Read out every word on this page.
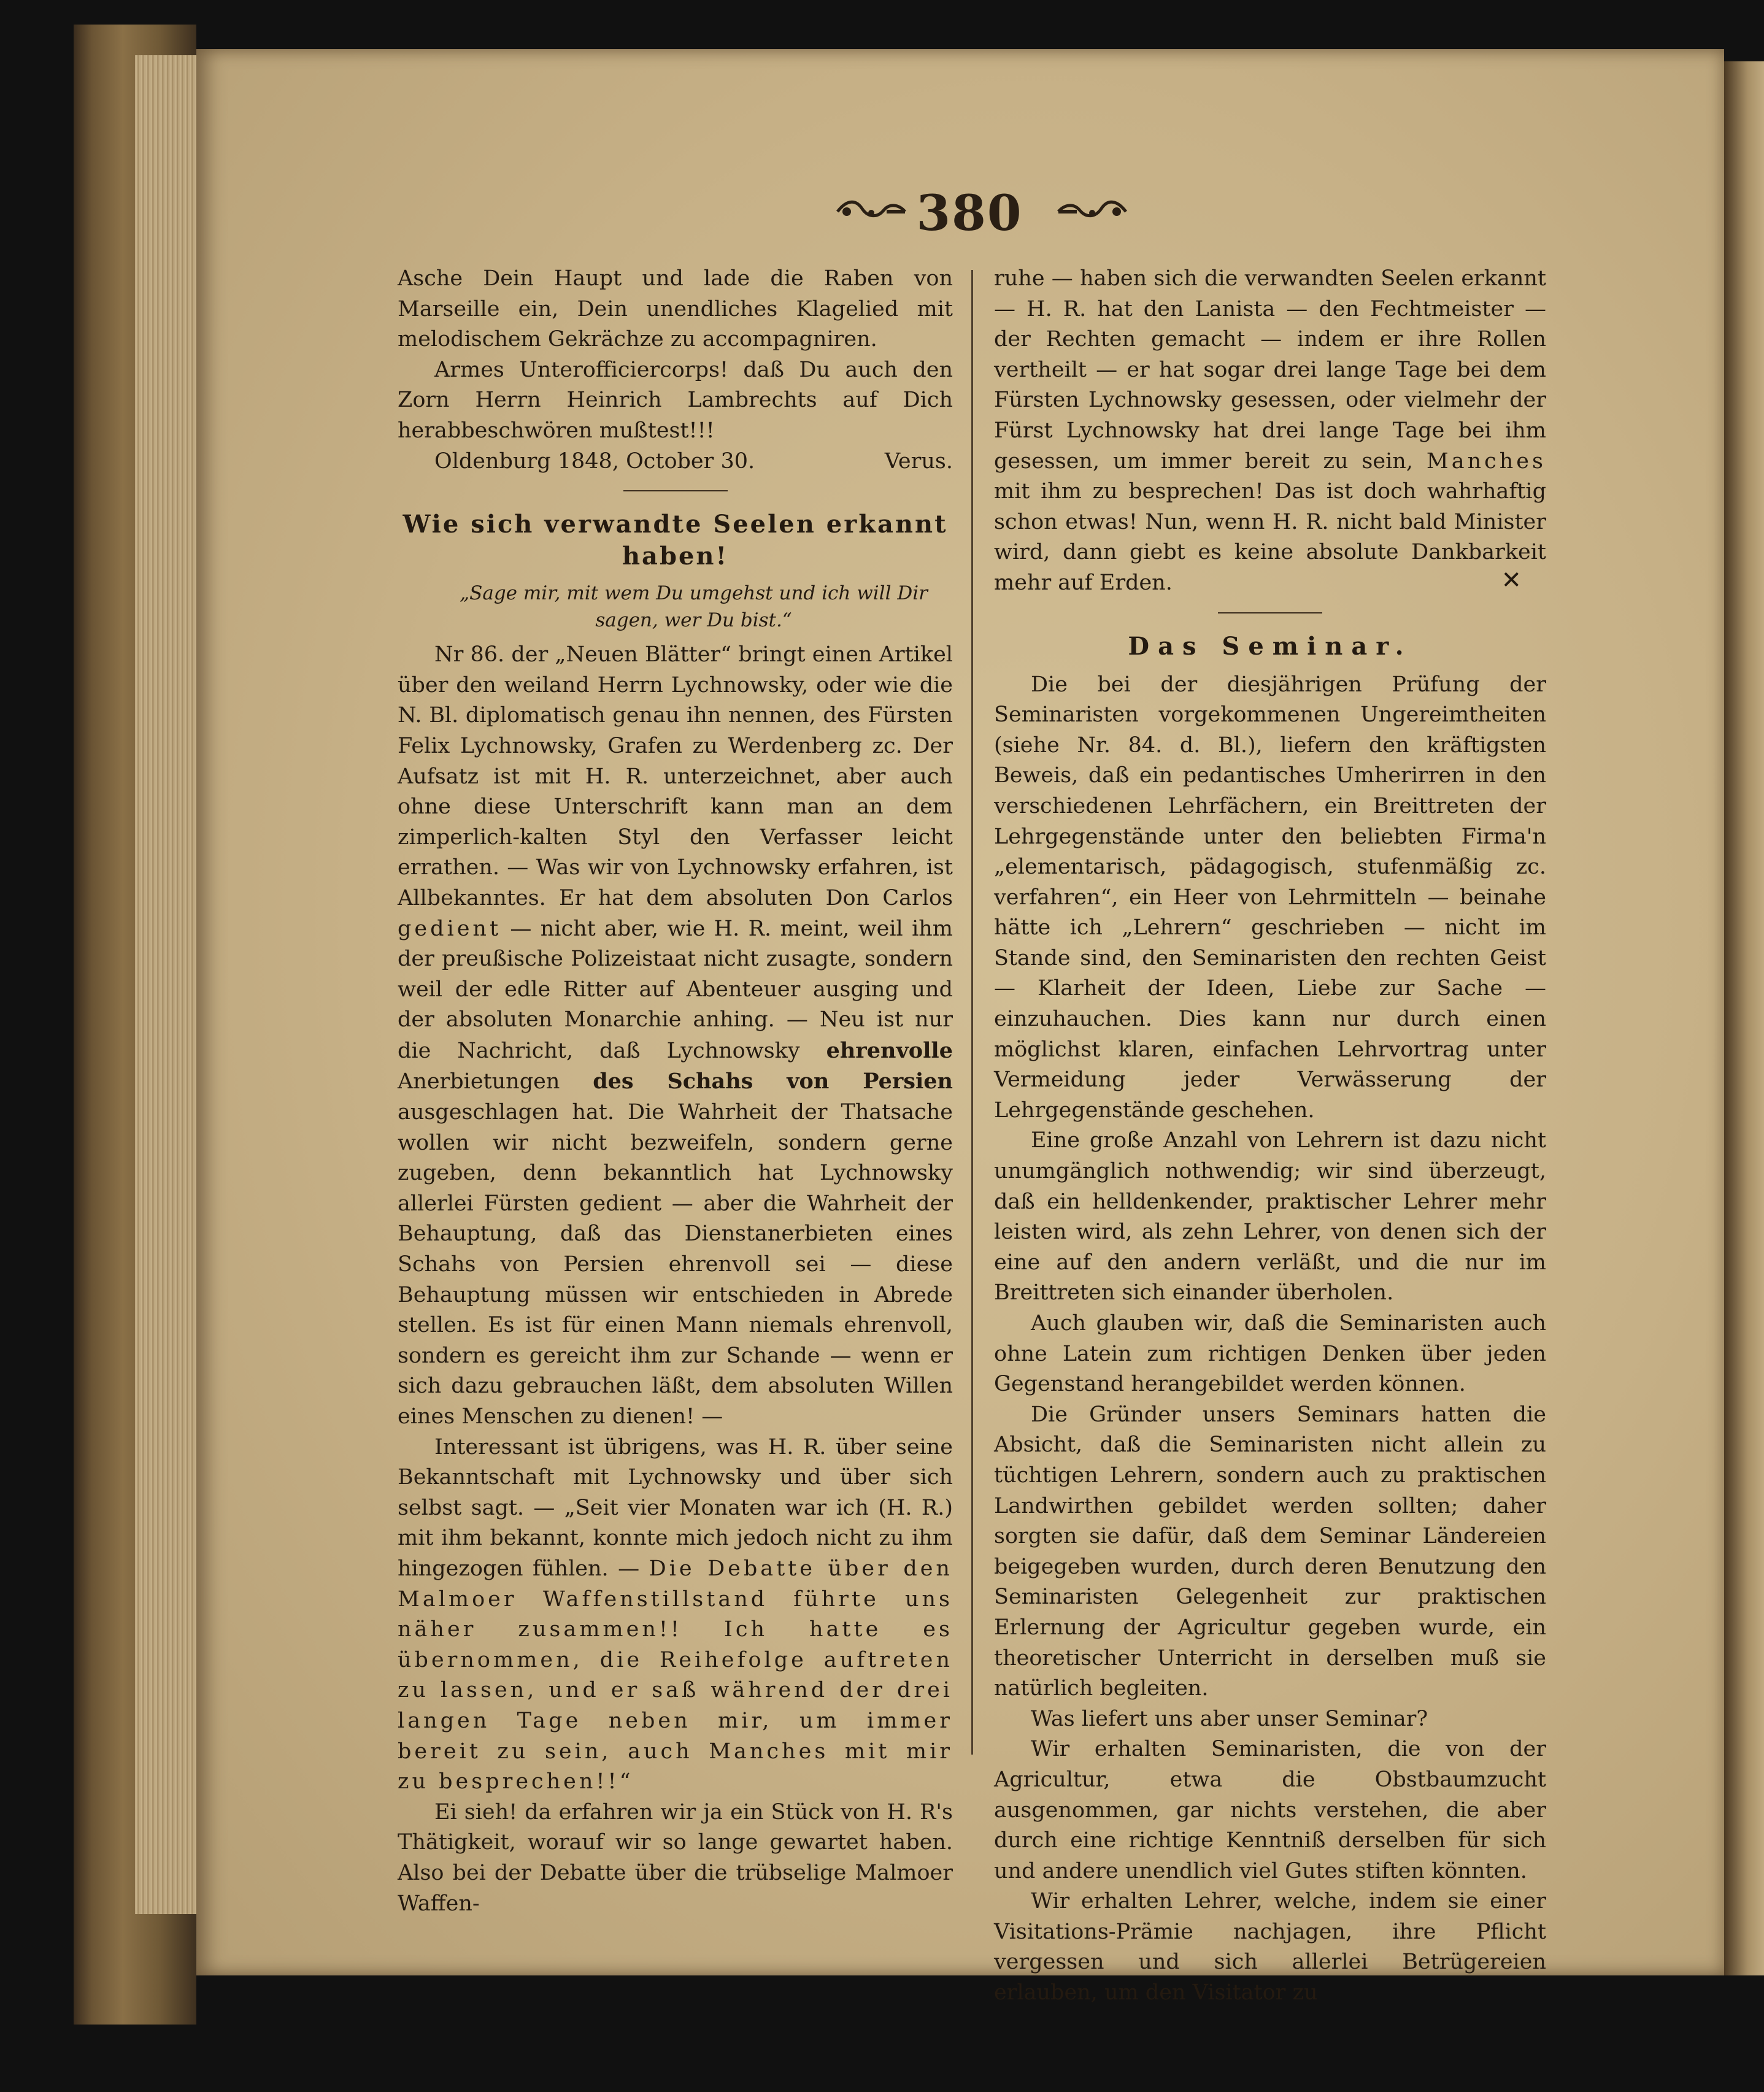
380

Asche Dein Haupt und lade die Raben von Marseille ein, Dein unendliches Klagelied mit melodischem Gekrächze zu accompagniren.

Armes Unterofficiercorps! daß Du auch den Zorn Herrn Heinrich Lambrechts auf Dich herabbeschwören mußtest!!!

Oldenburg 1848, October 30.	Verus.
Wie sich verwandte Seelen erkannt haben!

„Sage mir, mit wem Du umgehst und ich will Dir sagen, wer Du bist.“

Nr 86. der „Neuen Blätter“ bringt einen Artikel über den weiland Herrn Lychnowsky, oder wie die N. Bl. diplomatisch genau ihn nennen, des Fürsten Felix Lychnowsky, Grafen zu Werdenberg zc. Der Aufsatz ist mit H. R. unterzeichnet, aber auch ohne diese Unterschrift kann man an dem zimperlich-kalten Styl den Verfasser leicht errathen. — Was wir von Lychnowsky erfahren, ist Allbekanntes. Er hat dem absoluten Don Carlos gedient — nicht aber, wie H. R. meint, weil ihm der preußische Polizeistaat nicht zusagte, sondern weil der edle Ritter auf Abenteuer ausging und der absoluten Monarchie anhing. — Neu ist nur die Nachricht, daß Lychnowsky ehrenvolle Anerbietungen des Schahs von Persien ausgeschlagen hat. Die Wahrheit der Thatsache wollen wir nicht bezweifeln, sondern gerne zugeben, denn bekanntlich hat Lychnowsky allerlei Fürsten gedient — aber die Wahrheit der Behauptung, daß das Dienstanerbieten eines Schahs von Persien ehrenvoll sei — diese Behauptung müssen wir entschieden in Abrede stellen. Es ist für einen Mann niemals ehrenvoll, sondern es gereicht ihm zur Schande — wenn er sich dazu gebrauchen läßt, dem absoluten Willen eines Menschen zu dienen! —

Interessant ist übrigens, was H. R. über seine Bekanntschaft mit Lychnowsky und über sich selbst sagt. — „Seit vier Monaten war ich (H. R.) mit ihm bekannt, konnte mich jedoch nicht zu ihm hingezogen fühlen. — Die Debatte über den Malmoer Waffenstillstand führte uns näher zusammen!! Ich hatte es übernommen, die Reihefolge auftreten zu lassen, und er saß während der drei langen Tage neben mir, um immer bereit zu sein, auch Manches mit mir zu besprechen!!“

Ei sieh! da erfahren wir ja ein Stück von H. R's Thätigkeit, worauf wir so lange gewartet haben. Also bei der Debatte über die trübselige Malmoer Waffen-

ruhe — haben sich die verwandten Seelen erkannt — H. R. hat den Lanista — den Fechtmeister — der Rechten gemacht — indem er ihre Rollen vertheilt — er hat sogar drei lange Tage bei dem Fürsten Lychnowsky gesessen, oder vielmehr der Fürst Lychnowsky hat drei lange Tage bei ihm gesessen, um immer bereit zu sein, Manches mit ihm zu besprechen! Das ist doch wahrhaftig schon etwas! Nun, wenn H. R. nicht bald Minister wird, dann giebt es keine absolute Dankbarkeit mehr auf Erden.	✕

Das Seminar.

Die bei der diesjährigen Prüfung der Seminaristen vorgekommenen Ungereimtheiten (siehe Nr. 84. d. Bl.), liefern den kräftigsten Beweis, daß ein pedantisches Umherirren in den verschiedenen Lehrfächern, ein Breittreten der Lehrgegenstände unter den beliebten Firma'n „elementarisch, pädagogisch, stufenmäßig zc. verfahren“, ein Heer von Lehrmitteln — beinahe hätte ich „Lehrern“ geschrieben — nicht im Stande sind, den Seminaristen den rechten Geist — Klarheit der Ideen, Liebe zur Sache — einzuhauchen. Dies kann nur durch einen möglichst klaren, einfachen Lehrvortrag unter Vermeidung jeder Verwässerung der Lehrgegenstände geschehen.

Eine große Anzahl von Lehrern ist dazu nicht unumgänglich nothwendig; wir sind überzeugt, daß ein helldenkender, praktischer Lehrer mehr leisten wird, als zehn Lehrer, von denen sich der eine auf den andern verläßt, und die nur im Breittreten sich einander überholen.

Auch glauben wir, daß die Seminaristen auch ohne Latein zum richtigen Denken über jeden Gegenstand herangebildet werden können.

Die Gründer unsers Seminars hatten die Absicht, daß die Seminaristen nicht allein zu tüchtigen Lehrern, sondern auch zu praktischen Landwirthen gebildet werden sollten; daher sorgten sie dafür, daß dem Seminar Ländereien beigegeben wurden, durch deren Benutzung den Seminaristen Gelegenheit zur praktischen Erlernung der Agricultur gegeben wurde, ein theoretischer Unterricht in derselben muß sie natürlich begleiten.

Was liefert uns aber unser Seminar?

Wir erhalten Seminaristen, die von der Agricultur, etwa die Obstbaumzucht ausgenommen, gar nichts verstehen, die aber durch eine richtige Kenntniß derselben für sich und andere unendlich viel Gutes stiften könnten.

Wir erhalten Lehrer, welche, indem sie einer Visitations-Prämie nachjagen, ihre Pflicht vergessen und sich allerlei Betrügereien erlauben, um den Visitator zu
